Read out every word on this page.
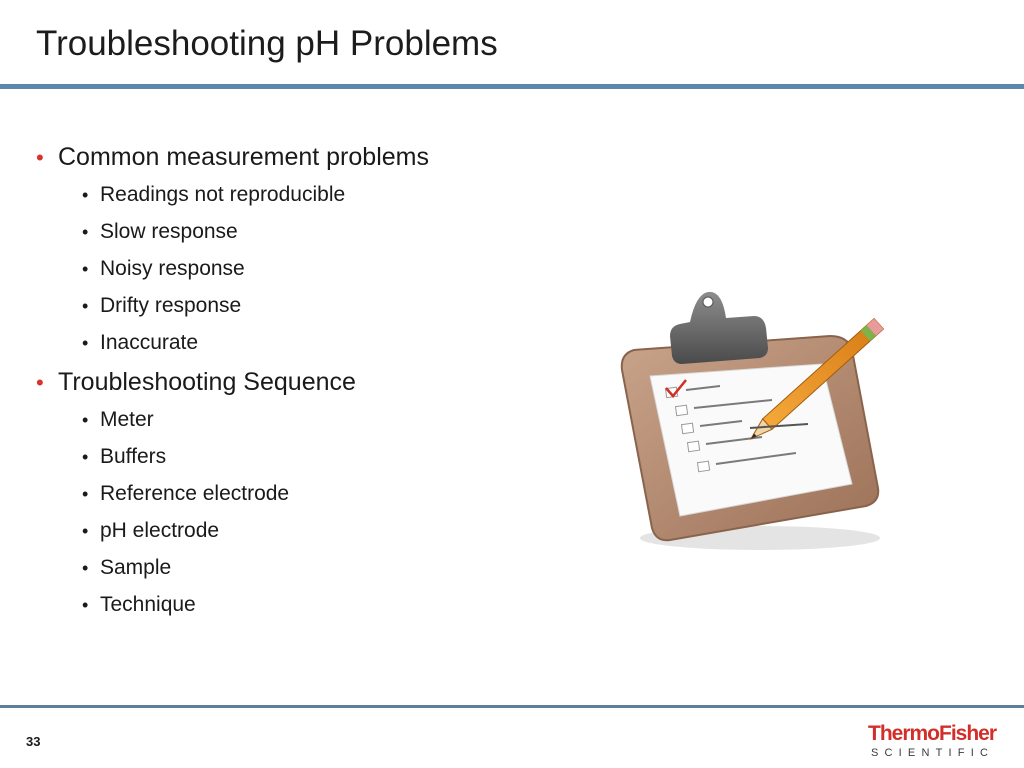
Troubleshooting pH Problems
• Common measurement problems
• Readings not reproducible
• Slow response
• Noisy response
• Drifty response
• Inaccurate
• Troubleshooting Sequence
• Meter
• Buffers
• Reference electrode
• pH electrode
• Sample
• Technique
33	ThermoFisher
SCIENTIFIC
